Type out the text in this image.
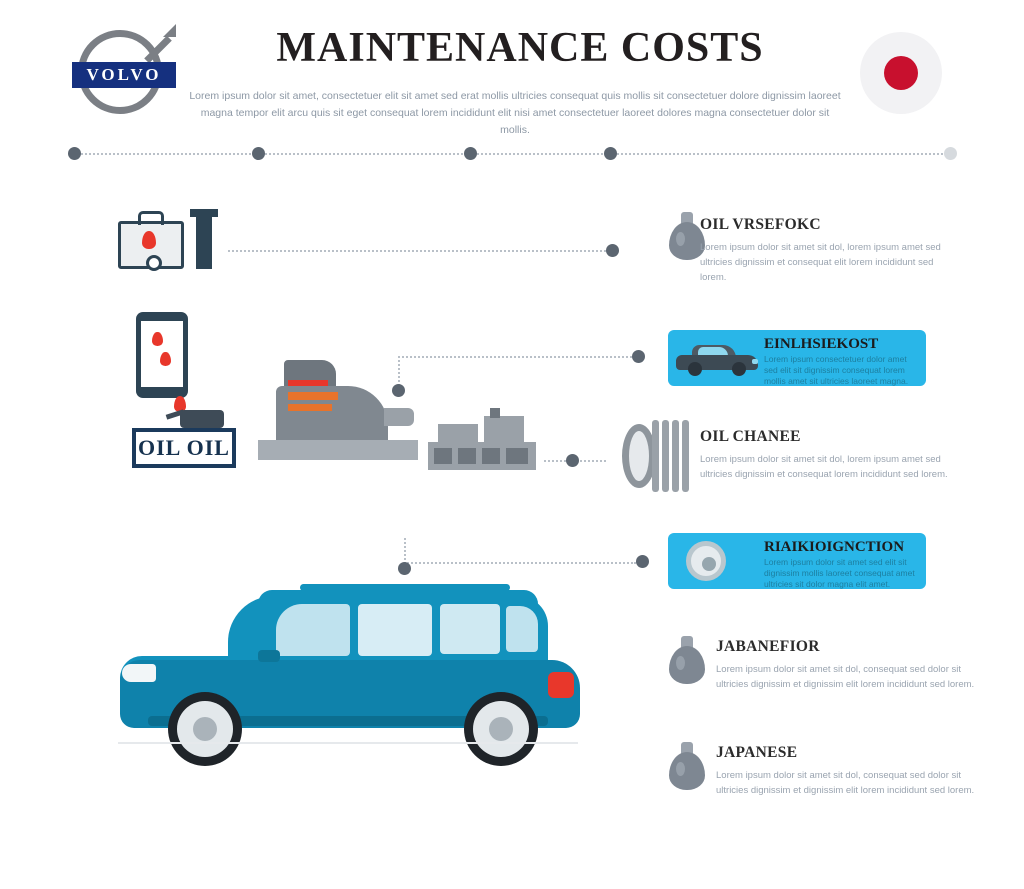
VOLVO
MAINTENANCE COSTS
Lorem ipsum dolor sit amet, consectetuer elit sit amet sed erat mollis ultricies consequat quis mollis sit consectetuer dolore dignissim laoreet magna tempor elit arcu quis sit eget consequat lorem incididunt elit nisi amet consectetuer laoreet dolores magna consectetuer dolor sit mollis.
OIL VRSEFOKC

Lorem ipsum dolor sit amet sit dol, lorem ipsum amet sed ultricies dignissim et consequat elit lorem incididunt sed lorem.

EINLHSIEKOST

Lorem ipsum consectetuer dolor amet sed elit sit dignissim consequat lorem mollis amet sit ultricies laoreet magna.

OIL OIL	OIL CHANEE

Lorem ipsum dolor sit amet sit dol, lorem ipsum amet sed ultricies dignissim et consequat lorem incididunt sed lorem.

RIAIKIOIGNCTION

Lorem ipsum dolor sit amet sed elit sit dignissim mollis laoreet consequat amet ultricies sit dolor magna elit amet.

JABANEFIOR

Lorem ipsum dolor sit amet sit dol, consequat sed dolor sit ultricies dignissim et dignissim elit lorem incididunt sed lorem.

JAPANESE

Lorem ipsum dolor sit amet sit dol, consequat sed dolor sit ultricies dignissim et dignissim elit lorem incididunt sed lorem.
